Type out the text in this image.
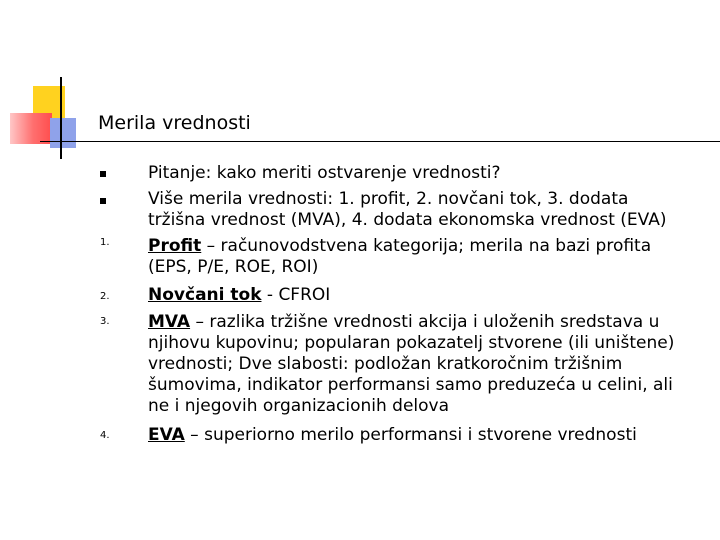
Merila vrednosti
1.
2.
3.
4.
Pitanje: kako meriti ostvarenje vrednosti?
Više merila vrednosti: 1. profit, 2. novčani tok, 3. dodata
tržišna vrednost (MVA), 4. dodata ekonomska vrednost (EVA)
Profit – računovodstvena kategorija; merila na bazi profita
(EPS, P/E, ROE, ROI)
Novčani tok - CFROI
MVA – razlika tržišne vrednosti akcija i uloženih sredstava u
njihovu kupovinu; popularan pokazatelj stvorene (ili uništene)
vrednosti; Dve slabosti: podložan kratkoročnim tržišnim
šumovima, indikator performansi samo preduzeća u celini, ali
ne i njegovih organizacionih delova
EVA – superiorno merilo performansi i stvorene vrednosti
